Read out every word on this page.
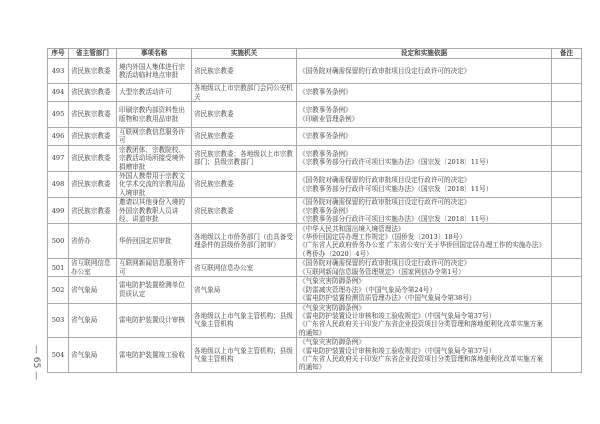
— 65 —
序号	省主管部门	事项名称	实施机关	设定和实施依据	备注
493	省民族宗教委	境内外国人集体进行宗教活动临时地点审批	省民族宗教委	《国务院对确需保留的行政审批项目设定行政许可的决定》	

494	省民族宗教委	大型宗教活动许可	各地级以上市宗教部门会同公安机关	《宗教事务条例》	

495	省民族宗教委	印刷宗教内部资料性出版物和宗教用品审批	省民族宗教委	《宗教事务条例》
《印刷业管理条例》	

496	省民族宗教委	互联网宗教信息服务许可	省民族宗教委	《宗教事务条例》	

497	省民族宗教委	宗教团体、宗教院校、宗教活动场所接受境外捐赠审批	省民族宗教委；各地级以上市宗教部门；县级宗教部门	《宗教事务条例》
《宗教事务部分行政许可项目实施办法》（国宗发〔2018〕11号）	

498	省民族宗教委	外国人携带用于宗教文化学术交流的宗教用品入境审批	省民族宗教委	《国务院对确需保留的行政审批项目设定行政许可的决定》
《宗教事务部分行政许可项目实施办法》（国宗发〔2018〕11号）	

499	省民族宗教委	邀请以其他身份入境的外国宗教教职人员讲经、讲道审批	省民族宗教委	《国务院对确需保留的行政审批项目设定行政许可的决定》
《宗教事务条例》
《宗教事务部分行政许可项目实施办法》（国宗发〔2018〕11号）	

500	省侨办	华侨回国定居审批	各地级以上市侨务部门（由具备受理条件的县级侨务部门初审）	《中华人民共和国出境入境管理法》
《华侨回国定居办理工作规定》（国侨发〔2013〕18号）
《广东省人民政府侨务办公室 广东省公安厅关于华侨回国定居办理工作的实施办法》（粤侨办〔2020〕4号）	

501	省互联网信息办公室	互联网新闻信息服务许可	省互联网信息办公室	《国务院对确需保留的行政审批项目设定行政许可的决定》
《互联网新闻信息服务管理规定》（国家网信办令第1号）	

502	省气象局	雷电防护装置检测单位资质认定	省气象局	《气象灾害防御条例》
《防雷减灾管理办法》（中国气象局令第24号）
《雷电防护装置检测资质管理办法》（中国气象局令第38号）	

503	省气象局	雷电防护装置设计审核	各地级以上市气象主管机构；县级气象主管机构	《气象灾害防御条例》
《雷电防护装置设计审核和竣工验收规定》（中国气象局令第37号）
《广东省人民政府关于印发广东省企业投资项目分类管理和落地便利化改革实施方案的通知》	

504	省气象局	雷电防护装置竣工验收	各地级以上市气象主管机构；县级气象主管机构	《气象灾害防御条例》
《雷电防护装置设计审核和竣工验收规定》（中国气象局令第37号）
《广东省人民政府关于印发广东省企业投资项目分类管理和落地便利化改革实施方案的通知》	
